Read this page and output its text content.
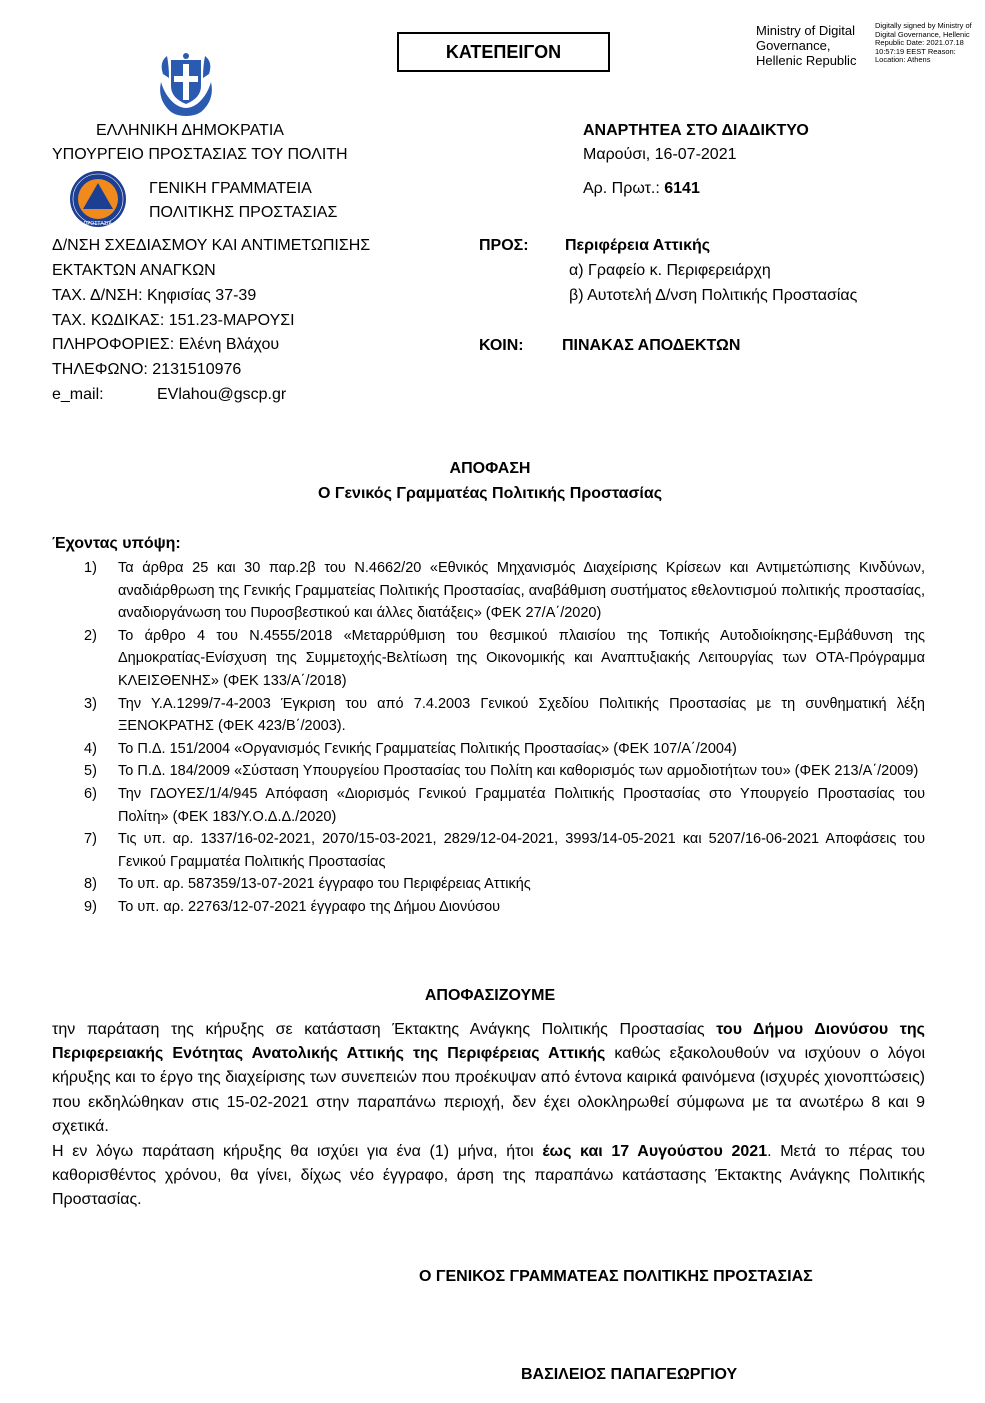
ΚΑΤΕΠΕΙΓΟΝ
Ministry of Digital Governance, Hellenic Republic
Digitally signed by Ministry of Digital Governance, Hellenic Republic Date: 2021.07.18 10:57:19 EEST Reason: Location: Athens
ΠΟΛΙΤΙΚΗ ΠΡΟΣΤΑΣΙΑ • ΕΛΛΑΔΑ
ΕΛΛΗΝΙΚΗ ΔΗΜΟΚΡΑΤΙΑ
ΥΠΟΥΡΓΕΙΟ ΠΡΟΣΤΑΣΙΑΣ ΤΟΥ ΠΟΛΙΤΗ
ΓΕΝΙΚΗ ΓΡΑΜΜΑΤΕΙΑ
ΠΟΛΙΤΙΚΗΣ ΠΡΟΣΤΑΣΙΑΣ
Δ/ΝΣΗ ΣΧΕΔΙΑΣΜΟΥ ΚΑΙ ΑΝΤΙΜΕΤΩΠΙΣΗΣ
ΕΚΤΑΚΤΩΝ ΑΝΑΓΚΩΝ
ΤΑΧ. Δ/ΝΣΗ: Κηφισίας 37-39
ΤΑΧ. ΚΩΔΙΚΑΣ: 151.23-ΜΑΡΟΥΣΙ
ΠΛΗΡΟΦΟΡΙΕΣ: Ελένη Βλάχου
ΤΗΛΕΦΩΝΟ: 2131510976
e_mail:	EVlahou@gscp.gr
ΑΝΑΡΤΗΤΕΑ ΣΤΟ ΔΙΑΔΙΚΤΥΟ
Μαρούσι, 16-07-2021
Αρ. Πρωτ.: 6141
ΠΡΟΣ: Περιφέρεια Αττικής
α) Γραφείο κ. Περιφερειάρχη
β) Αυτοτελή Δ/νση Πολιτικής Προστασίας
ΚΟΙΝ: ΠΙΝΑΚΑΣ ΑΠΟΔΕΚΤΩΝ
ΑΠΟΦΑΣΗ
Ο Γενικός Γραμματέας Πολιτικής Προστασίας
Έχοντας υπόψη:
1) Τα άρθρα 25 και 30 παρ.2β του Ν.4662/20 «Εθνικός Μηχανισμός Διαχείρισης Κρίσεων και Αντιμετώπισης Κινδύνων, αναδιάρθρωση της Γενικής Γραμματείας Πολιτικής Προστασίας, αναβάθμιση συστήματος εθελοντισμού πολιτικής προστασίας, αναδιοργάνωση του Πυροσβεστικού και άλλες διατάξεις» (ΦΕΚ 27/Α΄/2020)
2) Το άρθρο 4 του Ν.4555/2018 «Μεταρρύθμιση του θεσμικού πλαισίου της Τοπικής Αυτοδιοίκησης-Εμβάθυνση της Δημοκρατίας-Ενίσχυση της Συμμετοχής-Βελτίωση της Οικονομικής και Αναπτυξιακής Λειτουργίας των ΟΤΑ-Πρόγραμμα ΚΛΕΙΣΘΕΝΗΣ» (ΦΕΚ 133/Α΄/2018)
3) Την Υ.Α.1299/7-4-2003 Έγκριση του από 7.4.2003 Γενικού Σχεδίου Πολιτικής Προστασίας με τη συνθηματική λέξη ΞΕΝΟΚΡΑΤΗΣ (ΦΕΚ 423/Β΄/2003).
4) Το Π.Δ. 151/2004 «Οργανισμός Γενικής Γραμματείας Πολιτικής Προστασίας» (ΦΕΚ 107/Α΄/2004)
5) Το Π.Δ. 184/2009 «Σύσταση Υπουργείου Προστασίας του Πολίτη και καθορισμός των αρμοδιοτήτων του» (ΦΕΚ 213/Α΄/2009)
6) Την ΓΔΟΥΕΣ/1/4/945 Απόφαση «Διορισμός Γενικού Γραμματέα Πολιτικής Προστασίας στο Υπουργείο Προστασίας του Πολίτη» (ΦΕΚ 183/Υ.Ο.Δ.Δ./2020)
7) Τις υπ. αρ. 1337/16-02-2021, 2070/15-03-2021, 2829/12-04-2021, 3993/14-05-2021 και 5207/16-06-2021 Αποφάσεις του Γενικού Γραμματέα Πολιτικής Προστασίας
8) Το υπ. αρ. 587359/13-07-2021 έγγραφο του Περιφέρειας Αττικής
9) Το υπ. αρ. 22763/12-07-2021 έγγραφο της Δήμου Διονύσου
ΑΠΟΦΑΣΙΖΟΥΜΕ
την παράταση της κήρυξης σε κατάσταση Έκτακτης Ανάγκης Πολιτικής Προστασίας του Δήμου Διονύσου της Περιφερειακής Ενότητας Ανατολικής Αττικής της Περιφέρειας Αττικής καθώς εξακολουθούν να ισχύουν ο λόγοι κήρυξης και το έργο της διαχείρισης των συνεπειών που προέκυψαν από έντονα καιρικά φαινόμενα (ισχυρές χιονοπτώσεις) που εκδηλώθηκαν στις 15-02-2021 στην παραπάνω περιοχή, δεν έχει ολοκληρωθεί σύμφωνα με τα ανωτέρω 8 και 9 σχετικά.
Η εν λόγω παράταση κήρυξης θα ισχύει για ένα (1) μήνα, ήτοι έως και 17 Αυγούστου 2021. Μετά το πέρας του καθορισθέντος χρόνου, θα γίνει, δίχως νέο έγγραφο, άρση της παραπάνω κατάστασης Έκτακτης Ανάγκης Πολιτικής Προστασίας.
Ο ΓΕΝΙΚΟΣ ΓΡΑΜΜΑΤΕΑΣ ΠΟΛΙΤΙΚΗΣ ΠΡΟΣΤΑΣΙΑΣ
ΒΑΣΙΛΕΙΟΣ ΠΑΠΑΓΕΩΡΓΙΟΥ
